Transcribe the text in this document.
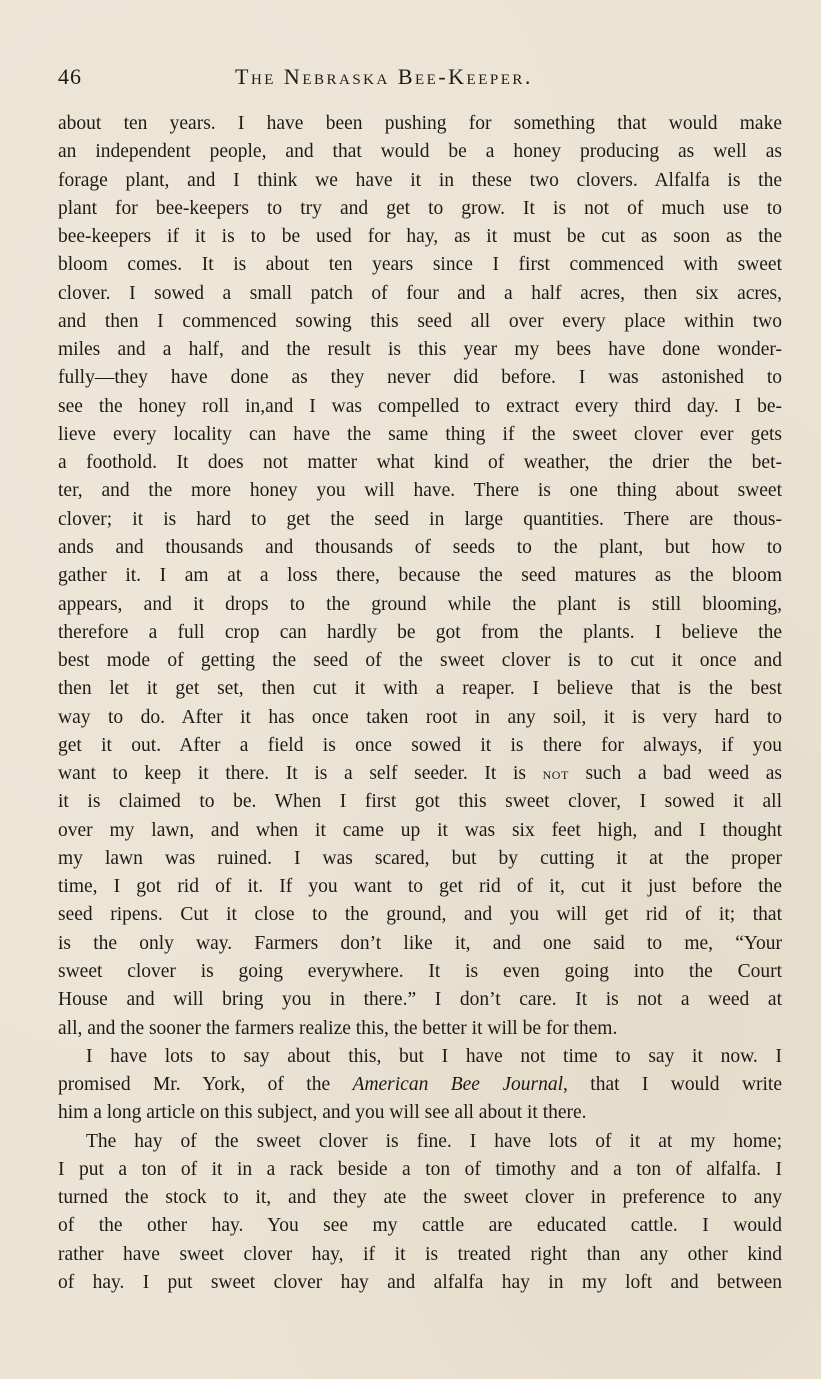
46	The Nebraska Bee-Keeper.
about ten years. I have been pushing for something that would make
an independent people, and that would be a honey producing as well as
forage plant, and I think we have it in these two clovers. Alfalfa is the
plant for bee-keepers to try and get to grow. It is not of much use to
bee-keepers if it is to be used for hay, as it must be cut as soon as the
bloom comes. It is about ten years since I first commenced with sweet
clover. I sowed a small patch of four and a half acres, then six acres,
and then I commenced sowing this seed all over every place within two
miles and a half, and the result is this year my bees have done wonder-
fully—they have done as they never did before. I was astonished to
see the honey roll in,and I was compelled to extract every third day. I be-
lieve every locality can have the same thing if the sweet clover ever gets
a foothold. It does not matter what kind of weather, the drier the bet-
ter, and the more honey you will have. There is one thing about sweet
clover; it is hard to get the seed in large quantities. There are thous-
ands and thousands and thousands of seeds to the plant, but how to
gather it. I am at a loss there, because the seed matures as the bloom
appears, and it drops to the ground while the plant is still blooming,
therefore a full crop can hardly be got from the plants. I believe the
best mode of getting the seed of the sweet clover is to cut it once and
then let it get set, then cut it with a reaper. I believe that is the best
way to do. After it has once taken root in any soil, it is very hard to
get it out. After a field is once sowed it is there for always, if you
want to keep it there. It is a self seeder. It is not such a bad weed as
it is claimed to be. When I first got this sweet clover, I sowed it all
over my lawn, and when it came up it was six feet high, and I thought
my lawn was ruined. I was scared, but by cutting it at the proper
time, I got rid of it. If you want to get rid of it, cut it just before the
seed ripens. Cut it close to the ground, and you will get rid of it; that
is the only way. Farmers don’t like it, and one said to me, “Your
sweet clover is going everywhere. It is even going into the Court
House and will bring you in there.” I don’t care. It is not a weed at
all, and the sooner the farmers realize this, the better it will be for them.
I have lots to say about this, but I have not time to say it now. I
promised Mr. York, of the American Bee Journal, that I would write
him a long article on this subject, and you will see all about it there.
The hay of the sweet clover is fine. I have lots of it at my home;
I put a ton of it in a rack beside a ton of timothy and a ton of alfalfa. I
turned the stock to it, and they ate the sweet clover in preference to any
of the other hay. You see my cattle are educated cattle. I would
rather have sweet clover hay, if it is treated right than any other kind
of hay. I put sweet clover hay and alfalfa hay in my loft and between
